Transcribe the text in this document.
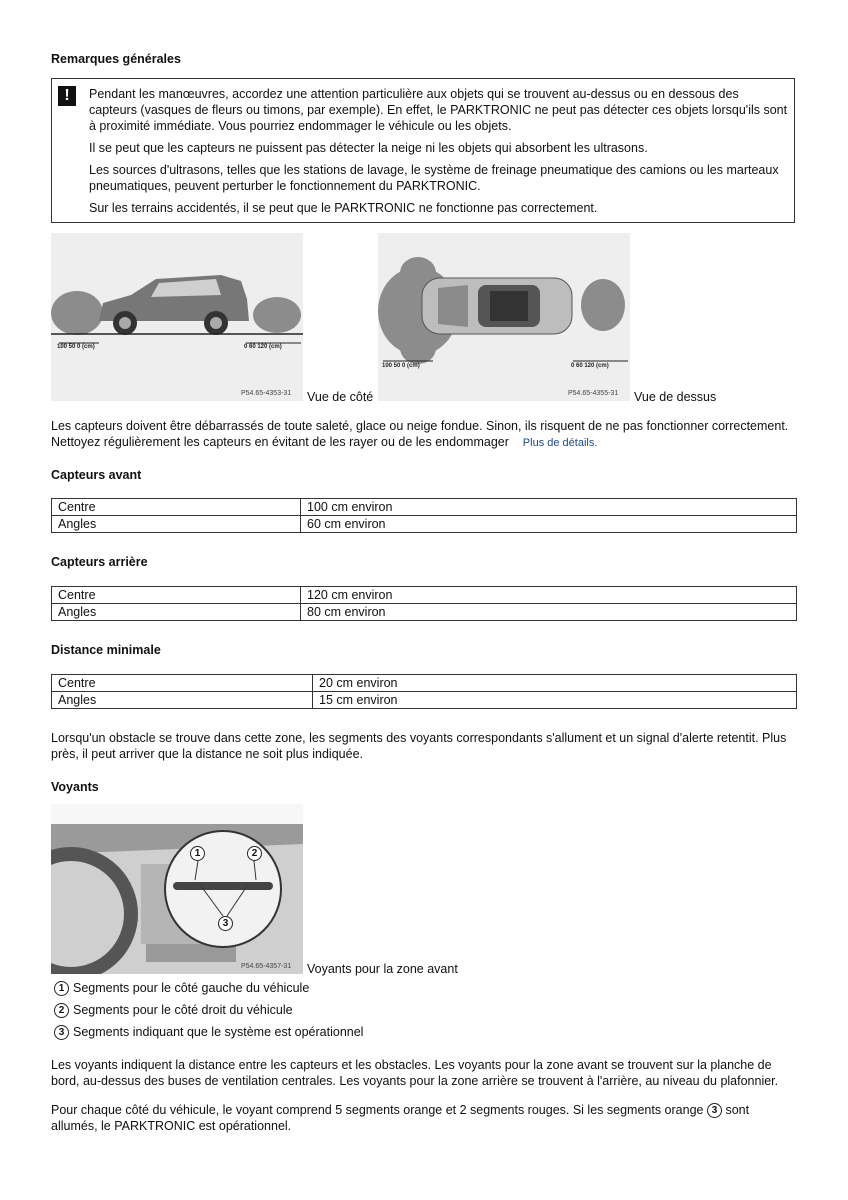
Remarques générales
!	Pendant les manœuvres, accordez une attention particulière aux objets qui se trouvent au-dessus ou en dessous des capteurs (vasques de fleurs ou timons, par exemple). En effet, le PARKTRONIC ne peut pas détecter ces objets lorsqu'ils sont à proximité immédiate. Vous pourriez endommager le véhicule ou les objets.
Il se peut que les capteurs ne puissent pas détecter la neige ni les objets qui absorbent les ultrasons.
Les sources d'ultrasons, telles que les stations de lavage, le système de freinage pneumatique des camions ou les marteaux pneumatiques, peuvent perturber le fonctionnement du PARKTRONIC.
Sur les terrains accidentés, il se peut que le PARKTRONIC ne fonctionne pas correctement.
100 50 0 (cm)	0 60 120 (cm)
P54.65-4353-31 Vue de côté
100 50 0 (cm)	0 60 120 (cm)
P54.65-4355-31 Vue de dessus
Les capteurs doivent être débarrassés de toute saleté, glace ou neige fondue. Sinon, ils risquent de ne pas fonctionner correctement. Nettoyez régulièrement les capteurs en évitant de les rayer ou de les endommager Plus de détails.
Capteurs avant
Centre	100 cm environ
Angles	60 cm environ
Capteurs arrière
Centre	120 cm environ
Angles	80 cm environ
Distance minimale
Centre	20 cm environ
Angles	15 cm environ
Lorsqu'un obstacle se trouve dans cette zone, les segments des voyants correspondants s'allument et un signal d'alerte retentit. Plus près, il peut arriver que la distance ne soit plus indiquée.
Voyants
1	2
3
P54.65-4357-31 Voyants pour la zone avant
1 Segments pour le côté gauche du véhicule
2 Segments pour le côté droit du véhicule
3 Segments indiquant que le système est opérationnel
Les voyants indiquent la distance entre les capteurs et les obstacles. Les voyants pour la zone avant se trouvent sur la planche de bord, au-dessus des buses de ventilation centrales. Les voyants pour la zone arrière se trouvent à l'arrière, au niveau du plafonnier.
Pour chaque côté du véhicule, le voyant comprend 5 segments orange et 2 segments rouges. Si les segments orange 3 sont allumés, le PARKTRONIC est opérationnel.
